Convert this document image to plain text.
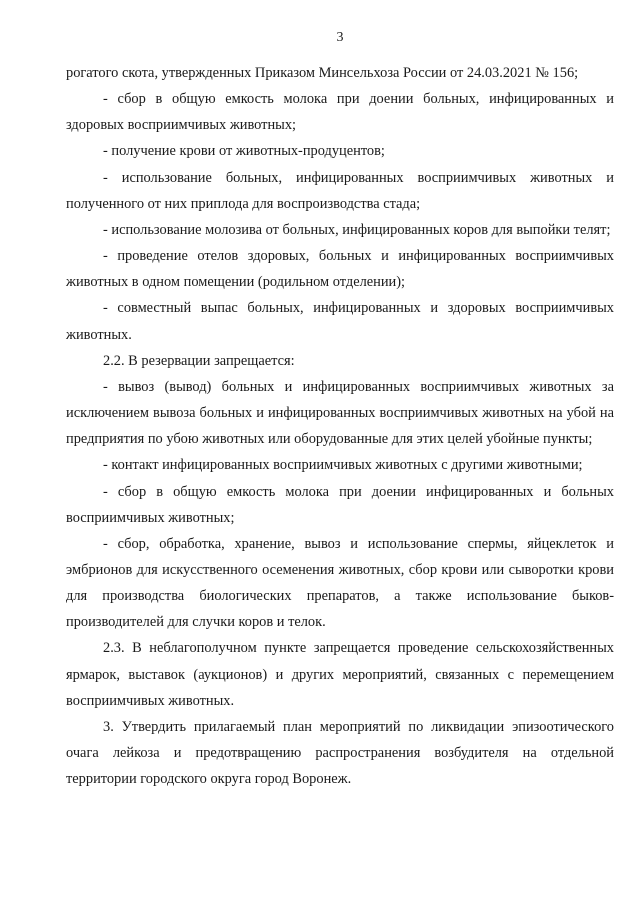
3

рогатого скота, утвержденных Приказом Минсельхоза России от 24.03.2021 № 156;

- сбор в общую емкость молока при доении больных, инфицированных и здоровых восприимчивых животных;

- получение крови от животных-продуцентов;

- использование больных, инфицированных восприимчивых животных и полученного от них приплода для воспроизводства стада;

- использование молозива от больных, инфицированных коров для выпойки телят;

- проведение отелов здоровых, больных и инфицированных восприимчивых животных в одном помещении (родильном отделении);

- совместный выпас больных, инфицированных и здоровых восприимчивых животных.

2.2. В резервации запрещается:

- вывоз (вывод) больных и инфицированных восприимчивых животных за исключением вывоза больных и инфицированных восприимчивых животных на убой на предприятия по убою животных или оборудованные для этих целей убойные пункты;

- контакт инфицированных восприимчивых животных с другими животными;

- сбор в общую емкость молока при доении инфицированных и больных восприимчивых животных;

- сбор, обработка, хранение, вывоз и использование спермы, яйцеклеток и эмбрионов для искусственного осеменения животных, сбор крови или сыворотки крови для производства биологических препаратов, а также использование быков-производителей для случки коров и телок.

2.3. В неблагополучном пункте запрещается проведение сельскохозяйственных ярмарок, выставок (аукционов) и других мероприятий, связанных с перемещением восприимчивых животных.

3. Утвердить прилагаемый план мероприятий по ликвидации эпизоотического очага лейкоза и предотвращению распространения возбудителя на отдельной территории городского округа город Воронеж.
